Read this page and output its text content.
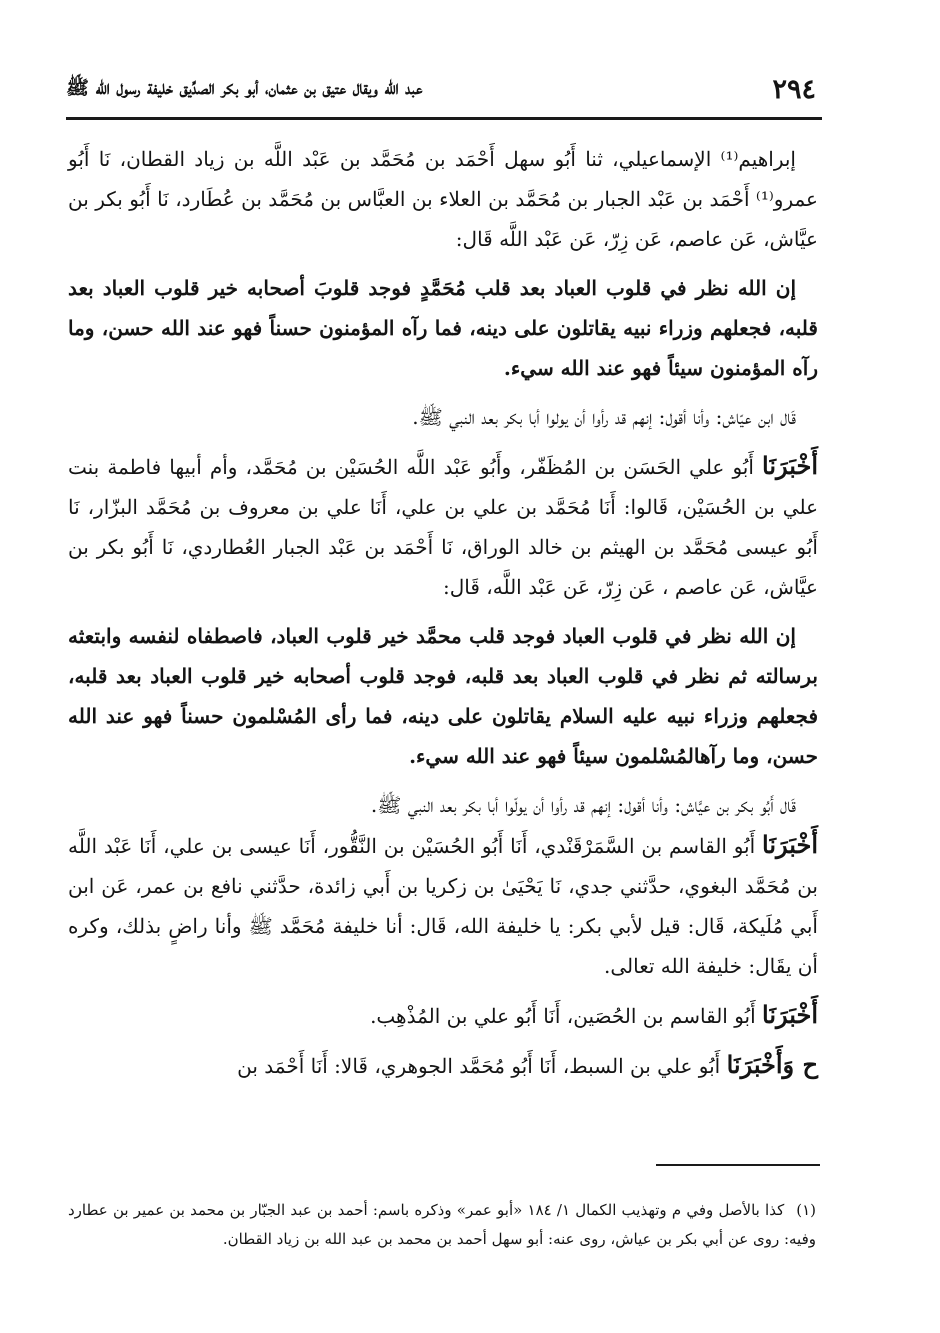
٢٩٤
عبد الله ويقال عتيق بن عثمان، أبو بكر الصدِّيق خليفة رسول الله ﷺ

إبراهيم⁽¹⁾ الإسماعيلي، ثنا أَبُو سهل أَحْمَد بن مُحَمَّد بن عَبْد اللَّه بن زياد القطان، نَا أَبُو عمرو⁽¹⁾ أَحْمَد بن عَبْد الجبار بن مُحَمَّد بن العلاء بن العبَّاس بن مُحَمَّد بن عُطَارد، نَا أَبُو بكر بن عيَّاش، عَن عاصم، عَن زِرّ، عَن عَبْد اللَّه قَال:

إن الله نظر في قلوب العباد بعد قلب مُحَمَّدٍ فوجد قلوبَ أصحابه خير قلوب العباد بعد قلبه، فجعلهم وزراء نبيه يقاتلون على دينه، فما رآه المؤمنون حسناً فهو عند الله حسن، وما رآه المؤمنون سيئاً فهو عند الله سيء.

قَال ابن عيّاش: وأنا أقول: إنهم قد رأوا أن يولوا أبا بكر بعد النبي ﷺ.

أَخْبَرَنَا أَبُو علي الحَسَن بن المُظَفّر، وأَبُو عَبْد اللَّه الحُسَيْن بن مُحَمَّد، وأم أبيها فاطمة بنت علي بن الحُسَيْن، قَالوا: أَنَا مُحَمَّد بن علي بن علي، أَنَا علي بن معروف بن مُحَمَّد البزّار، نَا أَبُو عيسى مُحَمَّد بن الهيثم بن خالد الوراق، نَا أَحْمَد بن عَبْد الجبار العُطاردي، نَا أَبُو بكر بن عيَّاش، عَن عاصم ، عَن زِرّ، عَن عَبْد اللَّه، قَال:

إن الله نظر في قلوب العباد فوجد قلب محمَّد خير قلوب العباد، فاصطفاه لنفسه وابتعثه برسالته ثم نظر في قلوب العباد بعد قلبه، فوجد قلوب أصحابه خير قلوب العباد بعد قلبه، فجعلهم وزراء نبيه عليه السلام يقاتلون على دينه، فما رأى المُسْلمون حسناً فهو عند الله حسن، وما رآهالمُسْلمون سيئاً فهو عند الله سيء.

قَال أَبُو بكر بن عيَّاش: وأنا أقول: إنهم قد رأوا أن يولّوا أبا بكر بعد النبي ﷺ.

أَخْبَرَنَا أَبُو القاسم بن السَّمَرْقَنْدي، أَنَا أَبُو الحُسَيْن بن النَّقُّور، أَنَا عيسى بن علي، أَنَا عَبْد اللَّه بن مُحَمَّد البغوي، حدَّثني جدي، نَا يَحْيَىٰ بن زكريا بن أَبي زائدة، حدَّثني نافع بن عمر، عَن ابن أَبي مُلَيكة، قَال: قيل لأبي بكر: يا خليفة الله، قَال: أنا خليفة مُحَمَّد ﷺ وأنا راضٍ بذلك، وكره أن يقَال: خليفة الله تعالى.

أَخْبَرَنَا أَبُو القاسم بن الحُصَين، أَنَا أَبُو علي بن المُذْهِب.

ح وَأَخْبَرَنَا أَبُو علي بن السبط، أَنَا أَبُو مُحَمَّد الجوهري، قَالا: أَنَا أَحْمَد بن

(١)
كذا بالأصل وفي م وتهذيب الكمال ١/ ١٨٤ «أبو عمر» وذكره باسم: أحمد بن عبد الجبّار بن محمد بن عمير بن عطارد وفيه: روى عن أبي بكر بن عياش، روى عنه: أبو سهل أحمد بن محمد بن عبد الله بن زياد القطان.
